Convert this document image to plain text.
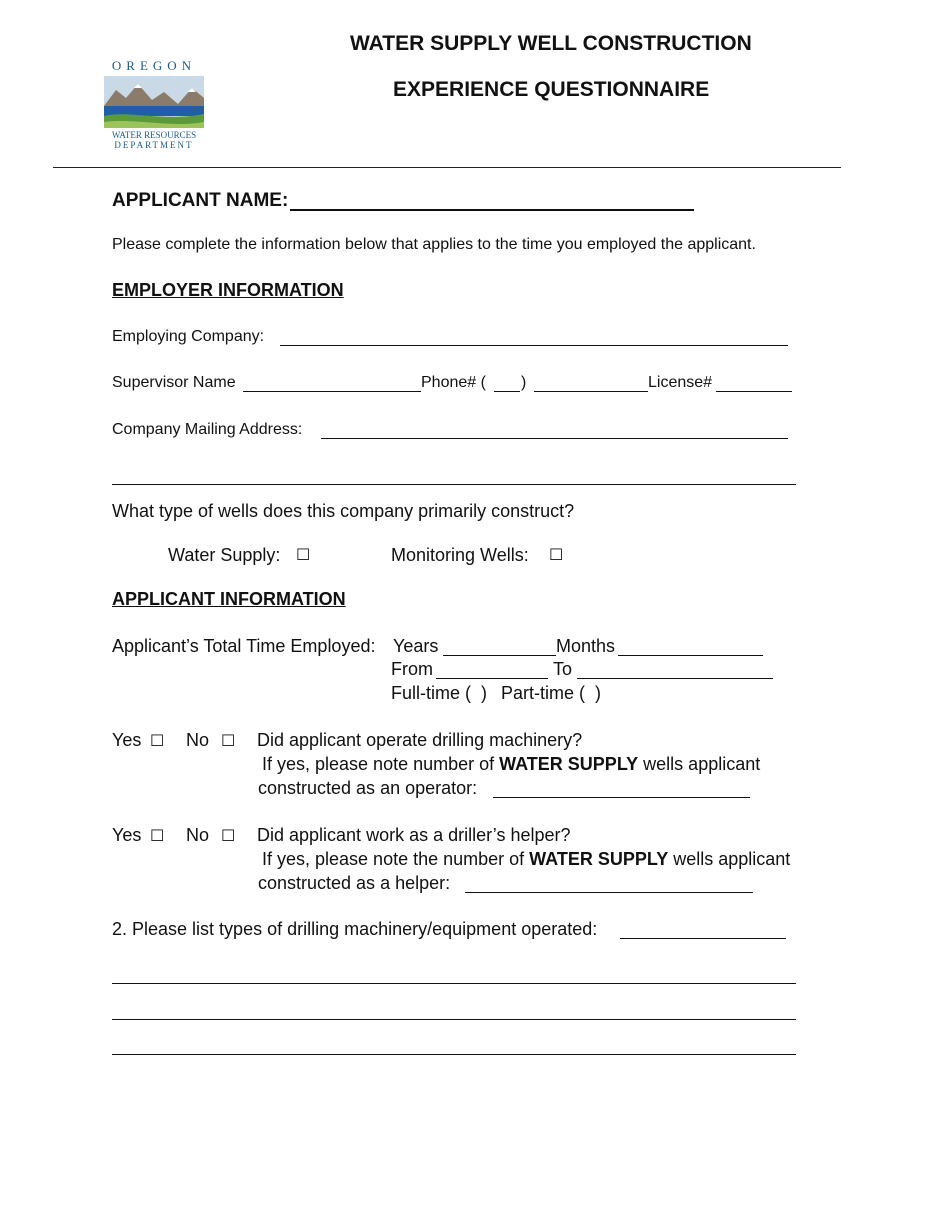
OREGON
WATER RESOURCES
DEPARTMENT
WATER SUPPLY WELL CONSTRUCTION
EXPERIENCE QUESTIONNAIRE
APPLICANT NAME:
Please complete the information below that applies to the time you employed the applicant.
EMPLOYER INFORMATION
Employing Company:
Supervisor Name	Phone# ( )	License#
Company Mailing Address:
What type of wells does this company primarily construct?
Water Supply: ☐	Monitoring Wells: ☐
APPLICANT INFORMATION
Applicant’s Total Time Employed: Years	Months
From	To
Full-time (  ) Part-time (  )
Yes ☐ No ☐ Did applicant operate drilling machinery?
If yes, please note number of WATER SUPPLY wells applicant
constructed as an operator:
Yes ☐ No ☐ Did applicant work as a driller’s helper?
If yes, please note the number of WATER SUPPLY wells applicant
constructed as a helper:
2. Please list types of drilling machinery/equipment operated:
